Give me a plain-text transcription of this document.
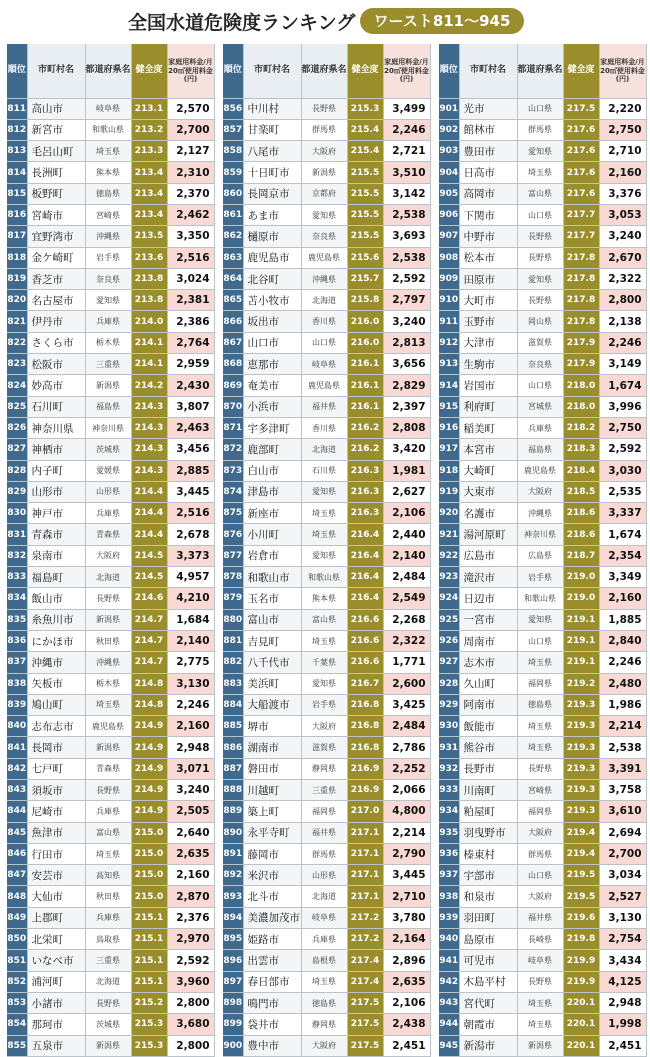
全国水道危険度ランキング	ワースト811～945
順位	市町村名	都道府県名	健全度	家庭用料金/月20㎥使用料金(円)
811	高山市	岐阜県	213.1	2,570
812	新宮市	和歌山県	213.2	2,700
813	毛呂山町	埼玉県	213.3	2,127
814	長洲町	熊本県	213.4	2,310
815	板野町	徳島県	213.4	2,370
816	宮崎市	宮崎県	213.4	2,462
817	宜野湾市	沖縄県	213.5	3,350
818	金ケ崎町	岩手県	213.6	2,516
819	香芝市	奈良県	213.8	3,024
820	名古屋市	愛知県	213.8	2,381
821	伊丹市	兵庫県	214.0	2,386
822	さくら市	栃木県	214.1	2,764
823	松阪市	三重県	214.1	2,959
824	妙高市	新潟県	214.2	2,430
825	石川町	福島県	214.3	3,807
826	神奈川県	神奈川県	214.3	2,463
827	神栖市	茨城県	214.3	3,456
828	内子町	愛媛県	214.3	2,885
829	山形市	山形県	214.4	3,445
830	神戸市	兵庫県	214.4	2,516
831	青森市	青森県	214.4	2,678
832	泉南市	大阪府	214.5	3,373
833	福島町	北海道	214.5	4,957
834	飯山市	長野県	214.6	4,210
835	糸魚川市	新潟県	214.7	1,684
836	にかほ市	秋田県	214.7	2,140
837	沖縄市	沖縄県	214.7	2,775
838	矢板市	栃木県	214.8	3,130
839	鳩山町	埼玉県	214.8	2,246
840	志布志市	鹿児島県	214.9	2,160
841	長岡市	新潟県	214.9	2,948
842	七戸町	青森県	214.9	3,071
843	須坂市	長野県	214.9	3,240
844	尼崎市	兵庫県	214.9	2,505
845	魚津市	富山県	215.0	2,640
846	行田市	埼玉県	215.0	2,635
847	安芸市	高知県	215.0	2,160
848	大仙市	秋田県	215.0	2,870
849	上郡町	兵庫県	215.1	2,376
850	北栄町	鳥取県	215.1	2,970
851	いなべ市	三重県	215.1	2,592
852	浦河町	北海道	215.1	3,960
853	小諸市	長野県	215.2	2,800
854	那珂市	茨城県	215.3	3,680
855	五泉市	新潟県	215.3	2,800
順位	市町村名	都道府県名	健全度	家庭用料金/月20㎥使用料金(円)
856	中川村	長野県	215.3	3,499
857	甘楽町	群馬県	215.4	2,246
858	八尾市	大阪府	215.4	2,721
859	十日町市	新潟県	215.5	3,510
860	長岡京市	京都府	215.5	3,142
861	あま市	愛知県	215.5	2,538
862	樋原市	奈良県	215.5	3,693
863	鹿児島市	鹿児島県	215.6	2,538
864	北谷町	沖縄県	215.7	2,592
865	苫小牧市	北海道	215.8	2,797
866	坂出市	香川県	216.0	3,240
867	山口市	山口県	216.0	2,813
868	恵那市	岐阜県	216.1	3,656
869	奄美市	鹿児島県	216.1	2,829
870	小浜市	福井県	216.1	2,397
871	宇多津町	香川県	216.2	2,808
872	鹿部町	北海道	216.2	3,420
873	白山市	石川県	216.3	1,981
874	津島市	愛知県	216.3	2,627
875	新座市	埼玉県	216.3	2,106
876	小川町	埼玉県	216.4	2,440
877	岩倉市	愛知県	216.4	2,140
878	和歌山市	和歌山県	216.4	2,484
879	玉名市	熊本県	216.4	2,549
880	富山市	富山県	216.6	2,268
881	吉見町	埼玉県	216.6	2,322
882	八千代市	千葉県	216.6	1,771
883	美浜町	愛知県	216.7	2,600
884	大船渡市	岩手県	216.8	3,425
885	堺市	大阪府	216.8	2,484
886	湖南市	滋賀県	216.8	2,786
887	磐田市	静岡県	216.9	2,252
888	川越町	三重県	216.9	2,066
889	築上町	福岡県	217.0	4,800
890	永平寺町	福井県	217.1	2,214
891	藤岡市	群馬県	217.1	2,790
892	米沢市	山形県	217.1	3,445
893	北斗市	北海道	217.1	2,710
894	美濃加茂市	岐阜県	217.2	3,780
895	姫路市	兵庫県	217.2	2,164
896	出雲市	島根県	217.4	2,896
897	春日部市	埼玉県	217.4	2,635
898	鳴門市	徳島県	217.5	2,106
899	袋井市	静岡県	217.5	2,438
900	豊中市	大阪府	217.5	2,451
順位	市町村名	都道府県名	健全度	家庭用料金/月20㎥使用料金(円)
901	光市	山口県	217.5	2,220
902	館林市	群馬県	217.6	2,750
903	豊田市	愛知県	217.6	2,710
904	日高市	埼玉県	217.6	2,160
905	高岡市	富山県	217.6	3,376
906	下関市	山口県	217.7	3,053
907	中野市	長野県	217.7	3,240
908	松本市	長野県	217.8	2,670
909	田原市	愛知県	217.8	2,322
910	大町市	長野県	217.8	2,800
911	玉野市	岡山県	217.8	2,138
912	大津市	滋賀県	217.9	2,246
913	生駒市	奈良県	217.9	3,149
914	岩国市	山口県	218.0	1,674
915	利府町	宮城県	218.0	3,996
916	稲美町	兵庫県	218.2	2,750
917	本宮市	福島県	218.3	2,592
918	大崎町	鹿児島県	218.4	3,030
919	大東市	大阪府	218.5	2,535
920	名護市	沖縄県	218.6	3,337
921	湯河原町	神奈川県	218.6	1,674
922	広島市	広島県	218.7	2,354
923	滝沢市	岩手県	219.0	3,349
924	日辺市	和歌山県	219.0	2,160
925	一宮市	愛知県	219.1	1,885
926	周南市	山口県	219.1	2,840
927	志木市	埼玉県	219.1	2,246
928	久山町	福岡県	219.2	2,480
929	阿南市	徳島県	219.3	1,986
930	飯能市	埼玉県	219.3	2,214
931	熊谷市	埼玉県	219.3	2,538
932	長野市	長野県	219.3	3,391
933	川南町	宮崎県	219.3	3,758
934	粕屋町	福岡県	219.3	3,610
935	羽曳野市	大阪府	219.4	2,694
936	榛東村	群馬県	219.4	2,700
937	宇部市	山口県	219.5	3,034
938	和泉市	大阪府	219.5	2,527
939	羽田町	福井県	219.6	3,130
940	島原市	長崎県	219.8	2,754
941	可児市	岐阜県	219.9	3,434
942	木島平村	長野県	219.9	4,125
943	宮代町	埼玉県	220.1	2,948
944	朝霞市	埼玉県	220.1	1,998
945	新潟市	新潟県	220.1	2,451
